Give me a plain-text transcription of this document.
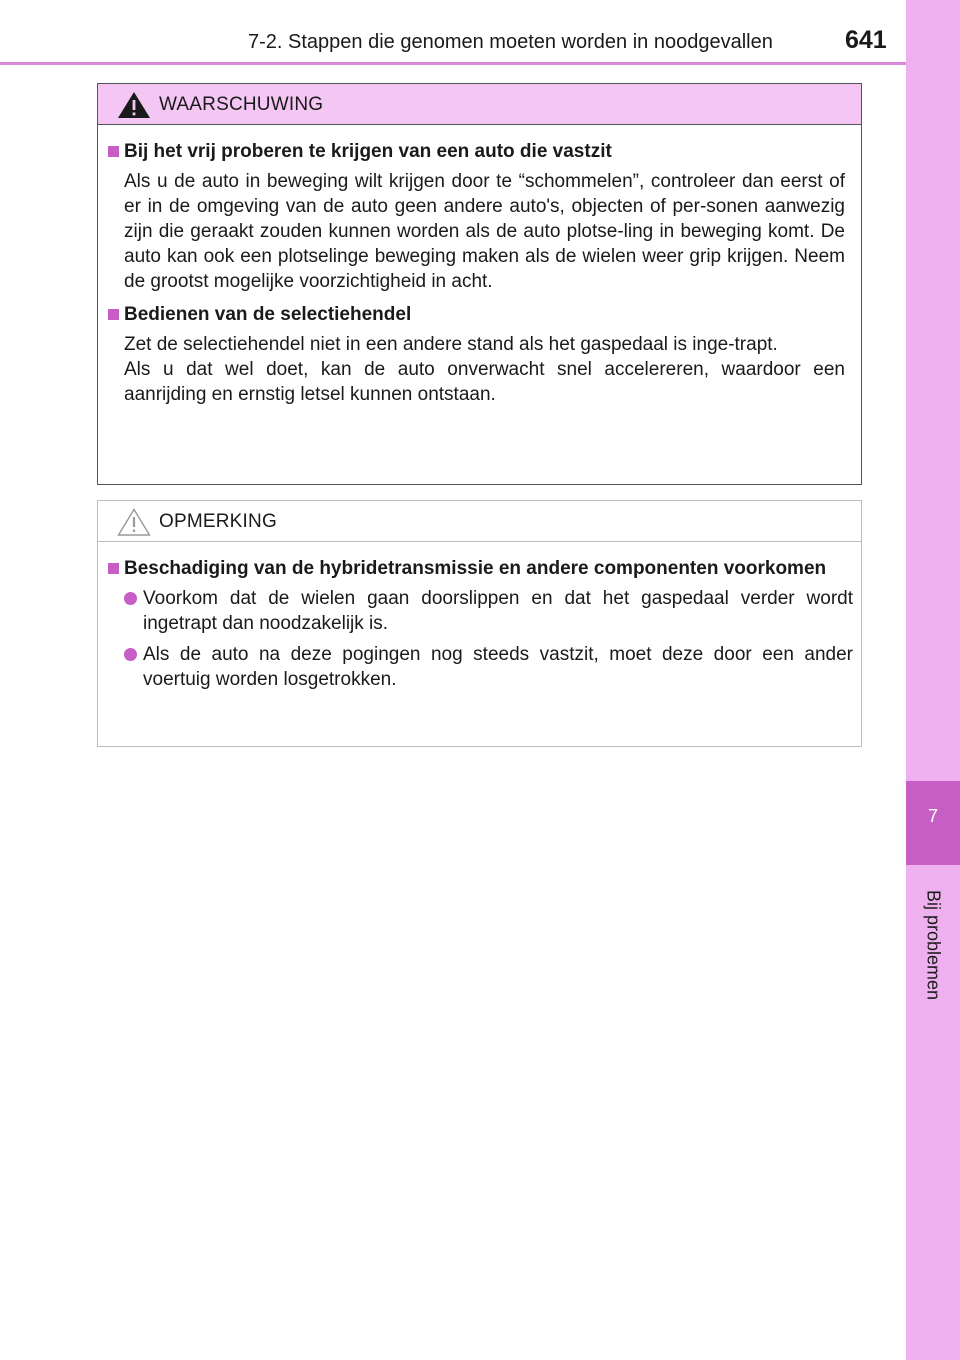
7-2. Stappen die genomen moeten worden in noodgevallen	641
7
Bij problemen
WAARSCHUWING
Bij het vrij proberen te krijgen van een auto die vastzit
Als u de auto in beweging wilt krijgen door te “schommelen”, controleer dan eerst of er in de omgeving van de auto geen andere auto's, objecten of per-sonen aanwezig zijn die geraakt zouden kunnen worden als de auto plotse-ling in beweging komt. De auto kan ook een plotselinge beweging maken als de wielen weer grip krijgen. Neem de grootst mogelijke voorzichtigheid in acht.
Bedienen van de selectiehendel
Zet de selectiehendel niet in een andere stand als het gaspedaal is inge-trapt.
Als u dat wel doet, kan de auto onverwacht snel accelereren, waardoor een aanrijding en ernstig letsel kunnen ontstaan.
OPMERKING
Beschadiging van de hybridetransmissie en andere componenten voorkomen
Voorkom dat de wielen gaan doorslippen en dat het gaspedaal verder wordt ingetrapt dan noodzakelijk is.
Als de auto na deze pogingen nog steeds vastzit, moet deze door een ander voertuig worden losgetrokken.
